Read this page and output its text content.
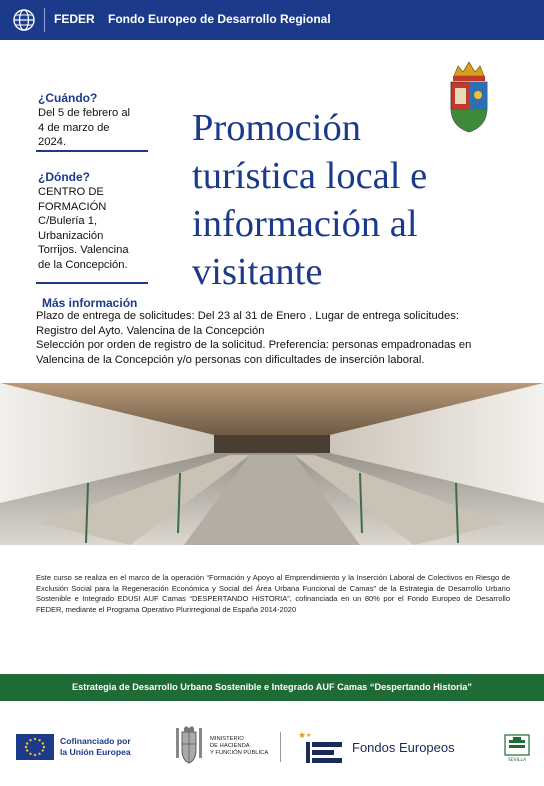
FEDER Fondo Europeo de Desarrollo Regional
¿Cuándo?
Del 5 de febrero al
4 de marzo de
2024.
¿Dónde?
CENTRO DE
FORMACIÓN
C/Bulería 1,
Urbanización
Torrijos. Valencina
de la Concepción.
Promoción
turística local e
información al
visitante
Más información

Plazo de entrega de solicitudes: Del 23 al 31 de Enero . Lugar de entrega solicitudes:

Registro del Ayto. Valencina de la Concepción

Selección por orden de registro de la solicitud. Preferencia: personas empadronadas en

Valencina de la Concepción y/o personas con dificultades de inserción laboral.

Este curso se realiza en el marco de la operación “Formación y Apoyo al Emprendimiento y la Inserción Laboral de Colectivos en Riesgo de Exclusión Social para la Regeneración Económica y Social del Área Urbana Funcional de Camas” de la Estrategia de Desarrollo Urbano Sostenible e Integrado EDUSI AUF Camas “DESPERTANDO HISTORIA”, cofinanciada en un 80% por el Fondo Europeo de Desarrollo FEDER, mediante el Programa Operativo Plurirregional de España 2014-2020
Estrategia de Desarrollo Urbano Sostenible e Integrado AUF Camas “Despertando Historia”
Cofinanciado por
la Unión Europea
MINISTERIO
DE HACIENDA
Y FUNCIÓN PÚBLICA
★ ★
Fondos Europeos
SEVILLA
